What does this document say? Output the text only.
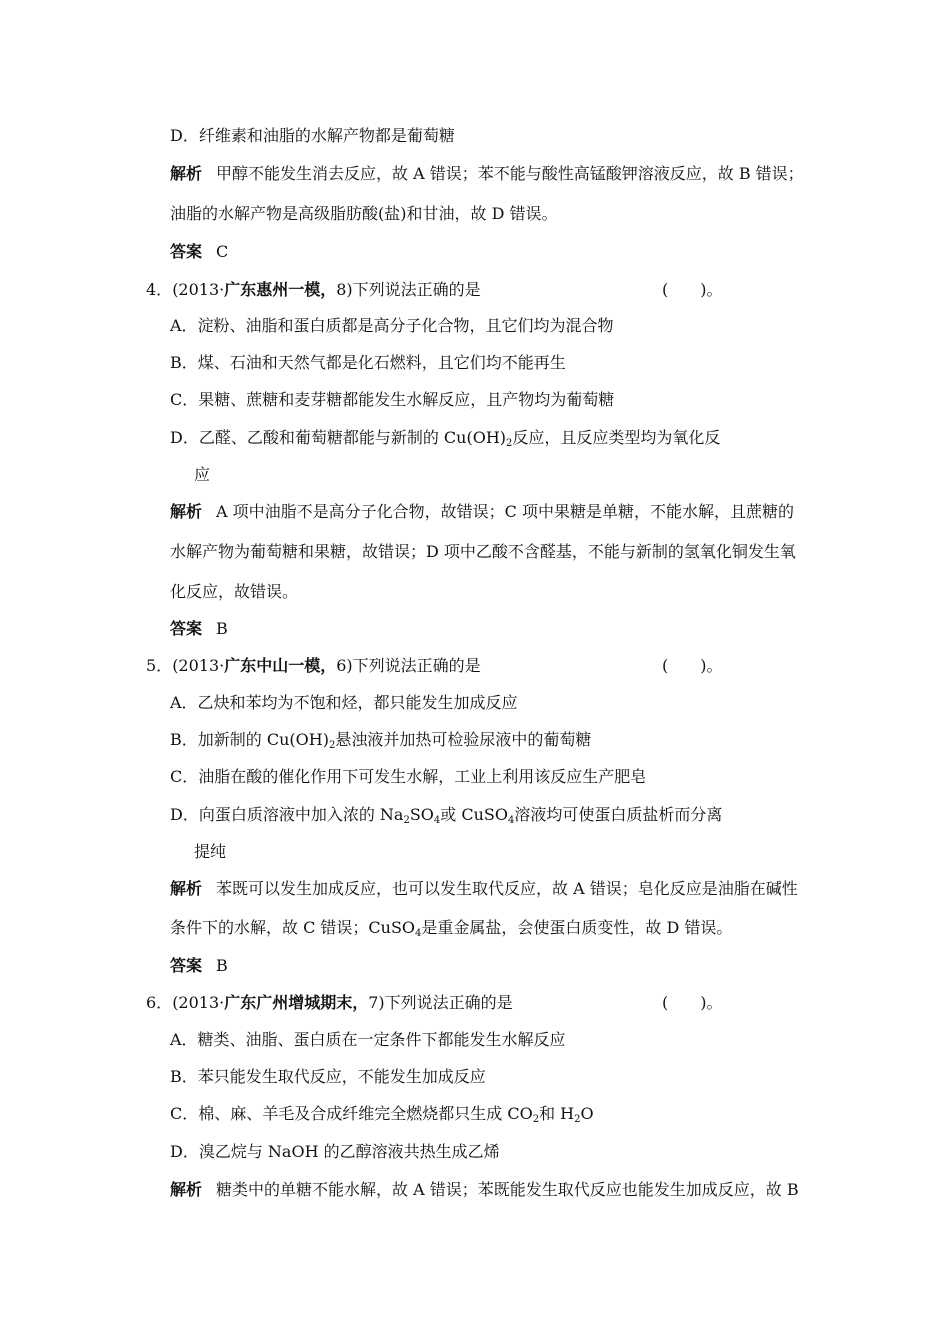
D．纤维素和油脂的水解产物都是葡萄糖
解析 甲醇不能发生消去反应，故 A 错误；苯不能与酸性高锰酸钾溶液反应，故 B 错误；
油脂的水解产物是高级脂肪酸(盐)和甘油，故 D 错误。
答案 C
4．(2013·广东惠州一模，8)下列说法正确的是	(　　)。
A．淀粉、油脂和蛋白质都是高分子化合物，且它们均为混合物
B．煤、石油和天然气都是化石燃料，且它们均不能再生
C．果糖、蔗糖和麦芽糖都能发生水解反应，且产物均为葡萄糖
D．乙醛、乙酸和葡萄糖都能与新制的 $Cu(OH)_2$反应，且反应类型均为氧化反
应
解析 A 项中油脂不是高分子化合物，故错误；C 项中果糖是单糖，不能水解，且蔗糖的
水解产物为葡萄糖和果糖，故错误；D 项中乙酸不含醛基，不能与新制的氢氧化铜发生氧
化反应，故错误。
答案 B
5．(2013·广东中山一模，6)下列说法正确的是	(　　)。
A．乙炔和苯均为不饱和烃，都只能发生加成反应
B．加新制的 $Cu(OH)_2$悬浊液并加热可检验尿液中的葡萄糖
C．油脂在酸的催化作用下可发生水解，工业上利用该反应生产肥皂
D．向蛋白质溶液中加入浓的 $Na_2SO_4$或 CuSO$_4$溶液均可使蛋白质盐析而分离
提纯
解析 苯既可以发生加成反应，也可以发生取代反应，故 A 错误；皂化反应是油脂在碱性
条件下的水解，故 C 错误；CuSO$_4$是重金属盐，会使蛋白质变性，故 D 错误。
答案 B
6．(2013·广东广州增城期末，7)下列说法正确的是	(　　)。
A．糖类、油脂、蛋白质在一定条件下都能发生水解反应
B．苯只能发生取代反应，不能发生加成反应
C．棉、麻、羊毛及合成纤维完全燃烧都只生成 $CO_2$和 $H_2O$
D．溴乙烷与 NaOH 的乙醇溶液共热生成乙烯
解析 糖类中的单糖不能水解，故 A 错误；苯既能发生取代反应也能发生加成反应，故 B
